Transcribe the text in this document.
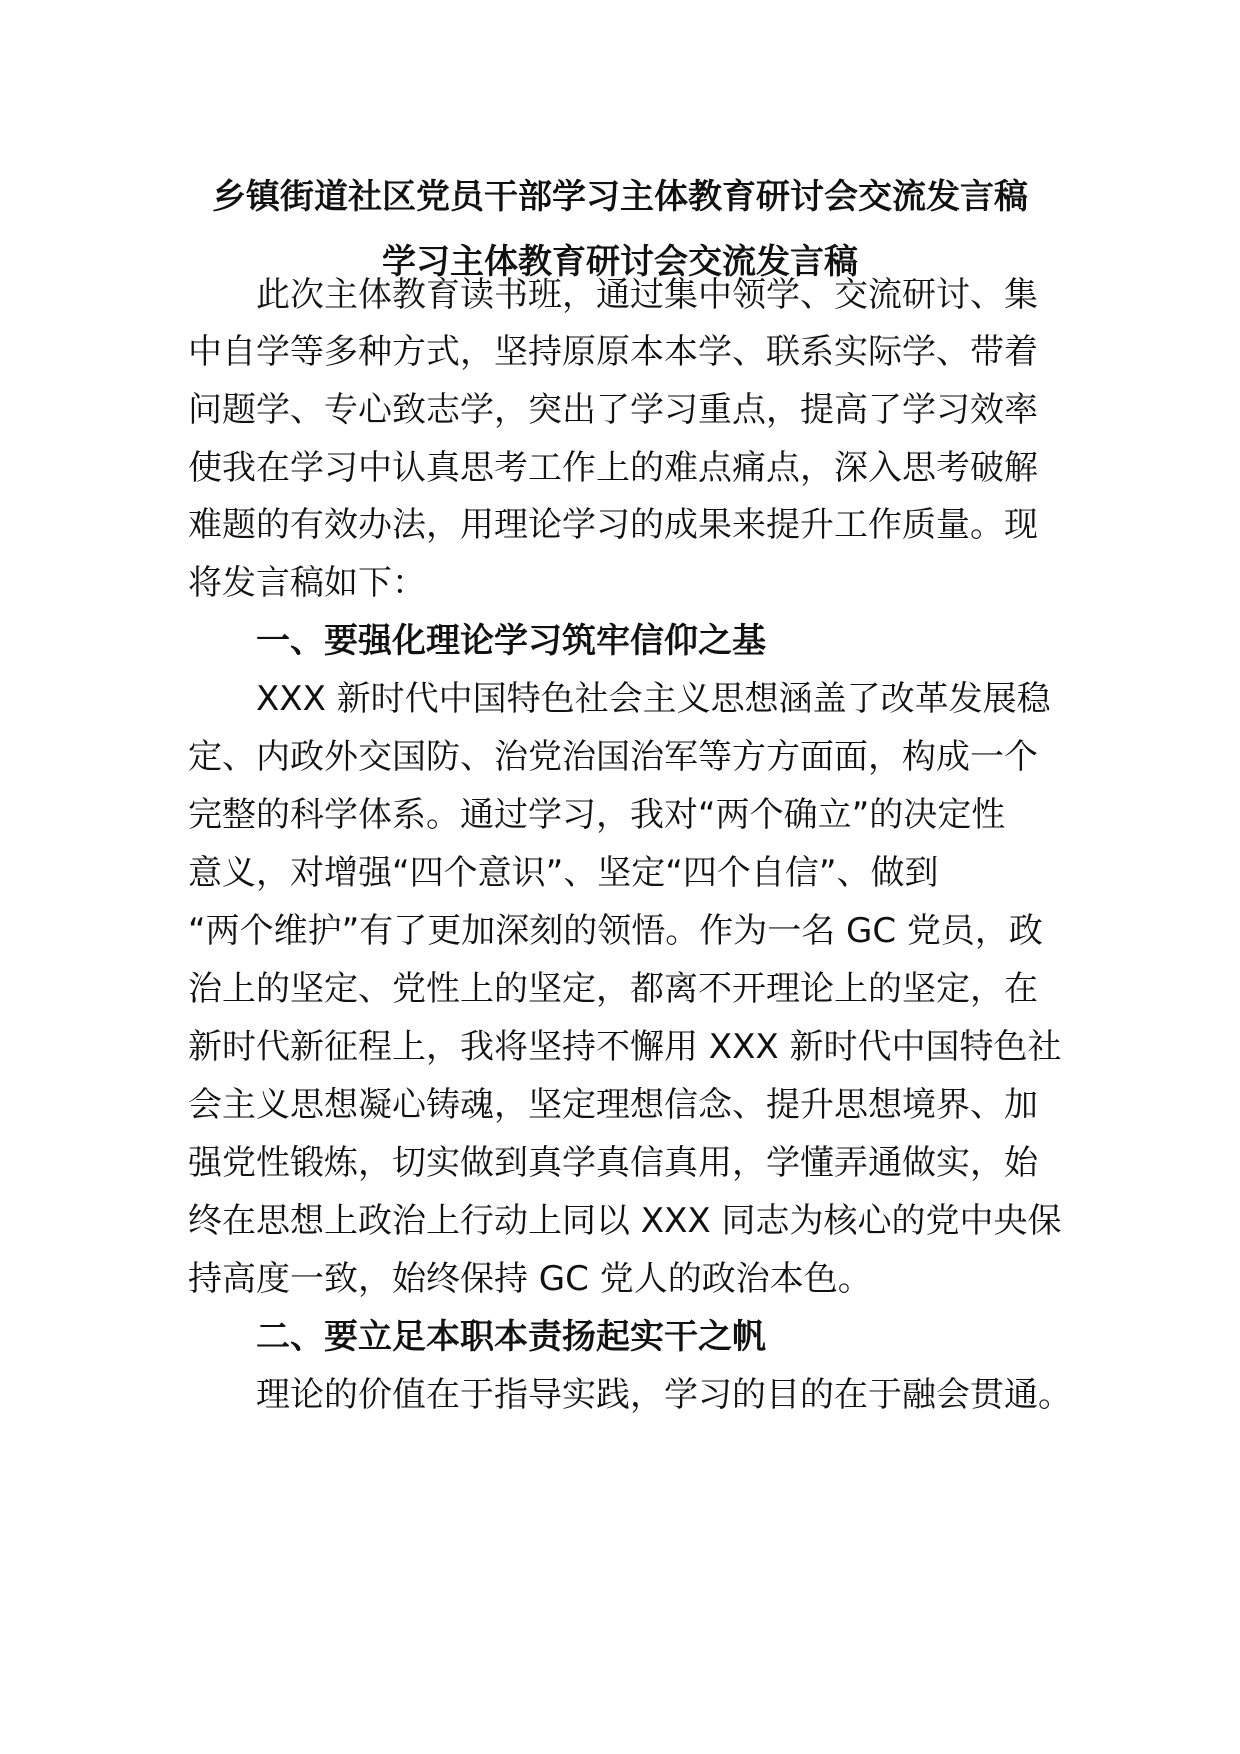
乡镇街道社区党员干部学习主体教育研讨会交流发言稿
学习主体教育研讨会交流发言稿

此次主体教育读书班，通过集中领学、交流研讨、集

中自学等多种方式，坚持原原本本学、联系实际学、带着

问题学、专心致志学，突出了学习重点，提高了学习效率

使我在学习中认真思考工作上的难点痛点，深入思考破解

难题的有效办法，用理论学习的成果来提升工作质量。现

将发言稿如下：

一、要强化理论学习筑牢信仰之基

XXX 新时代中国特色社会主义思想涵盖了改革发展稳

定、内政外交国防、治党治国治军等方方面面，构成一个

完整的科学体系。通过学习，我对“两个确立”的决定性

意义，对增强“四个意识”、坚定“四个自信”、做到

“两个维护”有了更加深刻的领悟。作为一名 GC 党员，政

治上的坚定、党性上的坚定，都离不开理论上的坚定，在

新时代新征程上，我将坚持不懈用 XXX 新时代中国特色社

会主义思想凝心铸魂，坚定理想信念、提升思想境界、加

强党性锻炼，切实做到真学真信真用，学懂弄通做实，始

终在思想上政治上行动上同以 XXX 同志为核心的党中央保

持高度一致，始终保持 GC 党人的政治本色。

二、要立足本职本责扬起实干之帆

理论的价值在于指导实践，学习的目的在于融会贯通。
